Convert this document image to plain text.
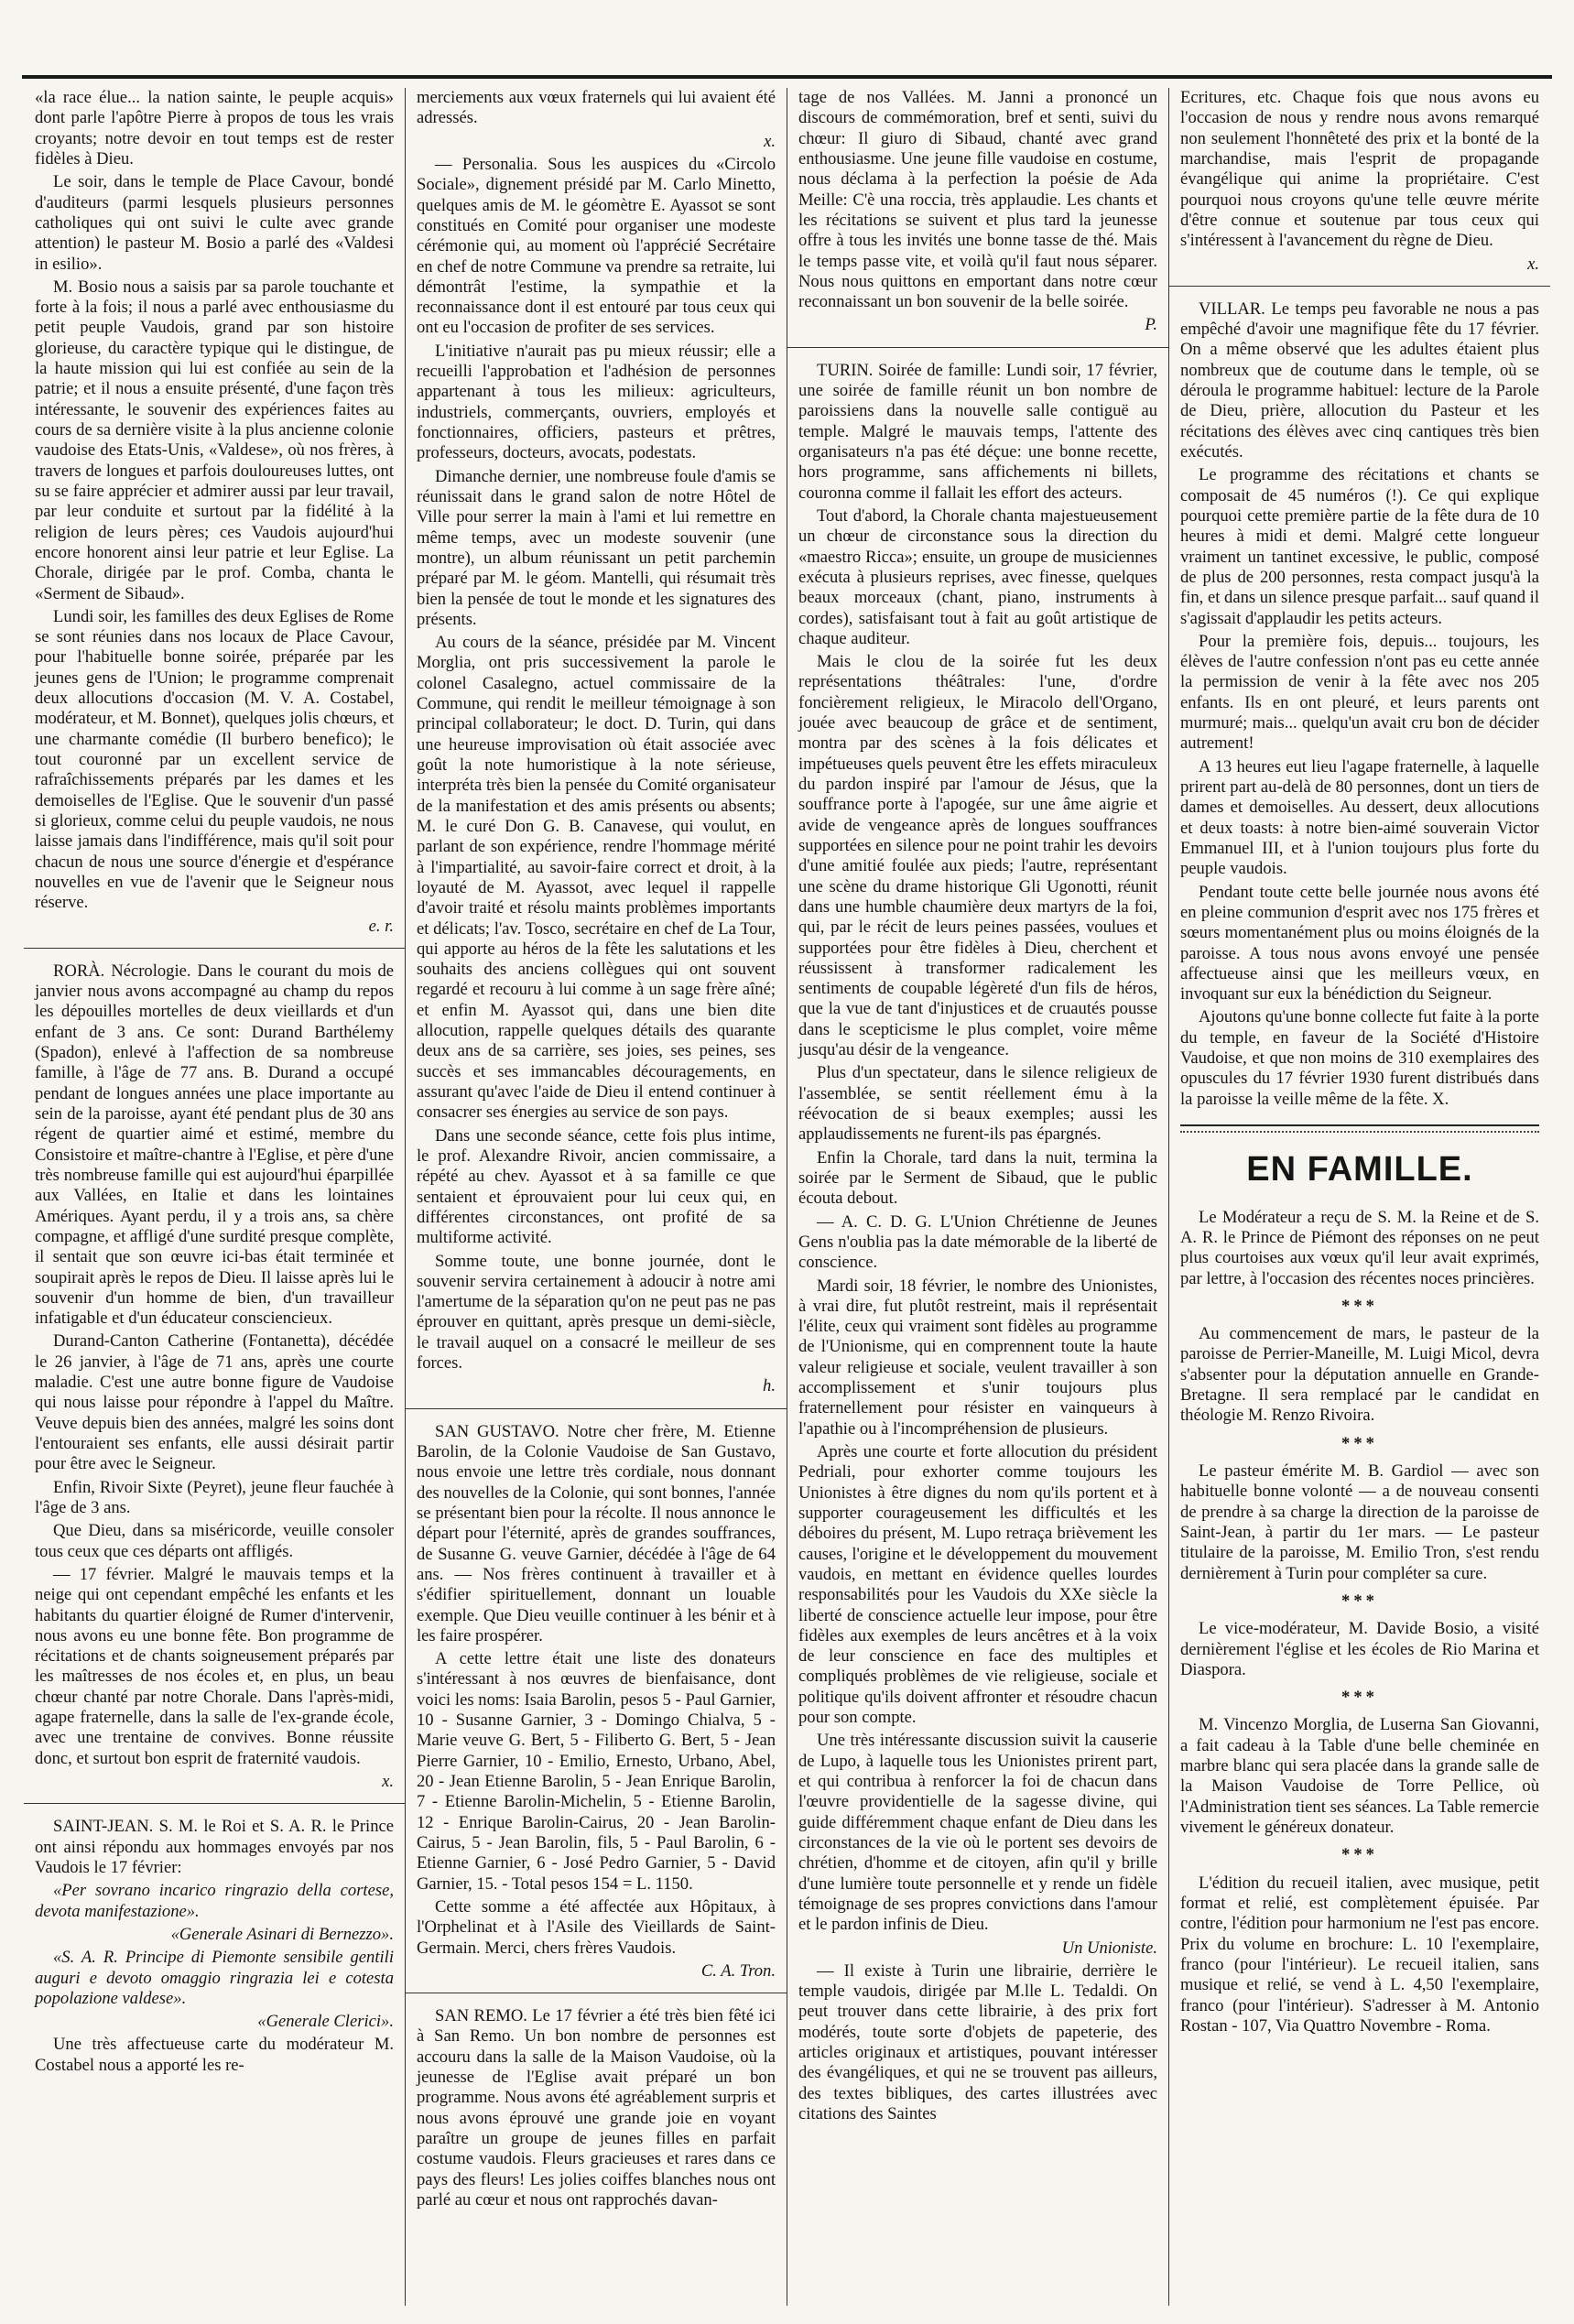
«la race élue... la nation sainte, le peuple acquis» dont parle l'apôtre Pierre à propos de tous les vrais croyants; notre devoir en tout temps est de rester fidèles à Dieu.

Le soir, dans le temple de Place Cavour, bondé d'auditeurs (parmi lesquels plusieurs personnes catholiques qui ont suivi le culte avec grande attention) le pasteur M. Bosio a parlé des «Valdesi in esilio».

M. Bosio nous a saisis par sa parole touchante et forte à la fois; il nous a parlé avec enthousiasme du petit peuple Vaudois, grand par son histoire glorieuse, du caractère typique qui le distingue, de la haute mission qui lui est confiée au sein de la patrie; et il nous a ensuite présenté, d'une façon très intéressante, le souvenir des expériences faites au cours de sa dernière visite à la plus ancienne colonie vaudoise des Etats-Unis, «Valdese», où nos frères, à travers de longues et parfois douloureuses luttes, ont su se faire apprécier et admirer aussi par leur travail, par leur conduite et surtout par la fidélité à la religion de leurs pères; ces Vaudois aujourd'hui encore honorent ainsi leur patrie et leur Eglise. La Chorale, dirigée par le prof. Comba, chanta le «Serment de Sibaud».

Lundi soir, les familles des deux Eglises de Rome se sont réunies dans nos locaux de Place Cavour, pour l'habituelle bonne soirée, préparée par les jeunes gens de l'Union; le programme comprenait deux allocutions d'occasion (M. V. A. Costabel, modérateur, et M. Bonnet), quelques jolis chœurs, et une charmante comédie (Il burbero benefico); le tout couronné par un excellent service de rafraîchissements préparés par les dames et les demoiselles de l'Eglise. Que le souvenir d'un passé si glorieux, comme celui du peuple vaudois, ne nous laisse jamais dans l'indifférence, mais qu'il soit pour chacun de nous une source d'énergie et d'espérance nouvelles en vue de l'avenir que le Seigneur nous réserve.

e. r.

RORÀ. Nécrologie. Dans le courant du mois de janvier nous avons accompagné au champ du repos les dépouilles mortelles de deux vieillards et d'un enfant de 3 ans. Ce sont: Durand Barthélemy (Spadon), enlevé à l'affection de sa nombreuse famille, à l'âge de 77 ans. B. Durand a occupé pendant de longues années une place importante au sein de la paroisse, ayant été pendant plus de 30 ans régent de quartier aimé et estimé, membre du Consistoire et maître-chantre à l'Eglise, et père d'une très nombreuse famille qui est aujourd'hui éparpillée aux Vallées, en Italie et dans les lointaines Amériques. Ayant perdu, il y a trois ans, sa chère compagne, et affligé d'une surdité presque complète, il sentait que son œuvre ici-bas était terminée et soupirait après le repos de Dieu. Il laisse après lui le souvenir d'un homme de bien, d'un travailleur infatigable et d'un éducateur consciencieux.

Durand-Canton Catherine (Fontanetta), décédée le 26 janvier, à l'âge de 71 ans, après une courte maladie. C'est une autre bonne figure de Vaudoise qui nous laisse pour répondre à l'appel du Maître. Veuve depuis bien des années, malgré les soins dont l'entouraient ses enfants, elle aussi désirait partir pour être avec le Seigneur.

Enfin, Rivoir Sixte (Peyret), jeune fleur fauchée à l'âge de 3 ans.

Que Dieu, dans sa miséricorde, veuille consoler tous ceux que ces départs ont affligés.

— 17 février. Malgré le mauvais temps et la neige qui ont cependant empêché les enfants et les habitants du quartier éloigné de Rumer d'intervenir, nous avons eu une bonne fête. Bon programme de récitations et de chants soigneusement préparés par les maîtresses de nos écoles et, en plus, un beau chœur chanté par notre Chorale. Dans l'après-midi, agape fraternelle, dans la salle de l'ex-grande école, avec une trentaine de convives. Bonne réussite donc, et surtout bon esprit de fraternité vaudois.

x.

SAINT-JEAN. S. M. le Roi et S. A. R. le Prince ont ainsi répondu aux hommages envoyés par nos Vaudois le 17 février:

«Per sovrano incarico ringrazio della cortese, devota manifestazione».

«Generale Asinari di Bernezzo».

«S. A. R. Principe di Piemonte sensibile gentili auguri e devoto omaggio ringrazia lei e cotesta popolazione valdese».

«Generale Clerici».

Une très affectueuse carte du modérateur M. Costabel nous a apporté les re-

merciements aux vœux fraternels qui lui avaient été adressés.

x.

— Personalia. Sous les auspices du «Circolo Sociale», dignement présidé par M. Carlo Minetto, quelques amis de M. le géomètre E. Ayassot se sont constitués en Comité pour organiser une modeste cérémonie qui, au moment où l'apprécié Secrétaire en chef de notre Commune va prendre sa retraite, lui démontrât l'estime, la sympathie et la reconnaissance dont il est entouré par tous ceux qui ont eu l'occasion de profiter de ses services.

L'initiative n'aurait pas pu mieux réussir; elle a recueilli l'approbation et l'adhésion de personnes appartenant à tous les milieux: agriculteurs, industriels, commerçants, ouvriers, employés et fonctionnaires, officiers, pasteurs et prêtres, professeurs, docteurs, avocats, podestats.

Dimanche dernier, une nombreuse foule d'amis se réunissait dans le grand salon de notre Hôtel de Ville pour serrer la main à l'ami et lui remettre en même temps, avec un modeste souvenir (une montre), un album réunissant un petit parchemin préparé par M. le géom. Mantelli, qui résumait très bien la pensée de tout le monde et les signatures des présents.

Au cours de la séance, présidée par M. Vincent Morglia, ont pris successivement la parole le colonel Casalegno, actuel commissaire de la Commune, qui rendit le meilleur témoignage à son principal collaborateur; le doct. D. Turin, qui dans une heureuse improvisation où était associée avec goût la note humoristique à la note sérieuse, interpréta très bien la pensée du Comité organisateur de la manifestation et des amis présents ou absents; M. le curé Don G. B. Canavese, qui voulut, en parlant de son expérience, rendre l'hommage mérité à l'impartialité, au savoir-faire correct et droit, à la loyauté de M. Ayassot, avec lequel il rappelle d'avoir traité et résolu maints problèmes importants et délicats; l'av. Tosco, secrétaire en chef de La Tour, qui apporte au héros de la fête les salutations et les souhaits des anciens collègues qui ont souvent regardé et recouru à lui comme à un sage frère aîné; et enfin M. Ayassot qui, dans une bien dite allocution, rappelle quelques détails des quarante deux ans de sa carrière, ses joies, ses peines, ses succès et ses immancables découragements, en assurant qu'avec l'aide de Dieu il entend continuer à consacrer ses énergies au service de son pays.

Dans une seconde séance, cette fois plus intime, le prof. Alexandre Rivoir, ancien commissaire, a répété au chev. Ayassot et à sa famille ce que sentaient et éprouvaient pour lui ceux qui, en différentes circonstances, ont profité de sa multiforme activité.

Somme toute, une bonne journée, dont le souvenir servira certainement à adoucir à notre ami l'amertume de la séparation qu'on ne peut pas ne pas éprouver en quittant, après presque un demi-siècle, le travail auquel on a consacré le meilleur de ses forces.

h.

SAN GUSTAVO. Notre cher frère, M. Etienne Barolin, de la Colonie Vaudoise de San Gustavo, nous envoie une lettre très cordiale, nous donnant des nouvelles de la Colonie, qui sont bonnes, l'année se présentant bien pour la récolte. Il nous annonce le départ pour l'éternité, après de grandes souffrances, de Susanne G. veuve Garnier, décédée à l'âge de 64 ans. — Nos frères continuent à travailler et à s'édifier spirituellement, donnant un louable exemple. Que Dieu veuille continuer à les bénir et à les faire prospérer.

A cette lettre était une liste des donateurs s'intéressant à nos œuvres de bienfaisance, dont voici les noms: Isaia Barolin, pesos 5 - Paul Garnier, 10 - Susanne Garnier, 3 - Domingo Chialva, 5 - Marie veuve G. Bert, 5 - Filiberto G. Bert, 5 - Jean Pierre Garnier, 10 - Emilio, Ernesto, Urbano, Abel, 20 - Jean Etienne Barolin, 5 - Jean Enrique Barolin, 7 - Etienne Barolin-Michelin, 5 - Etienne Barolin, 12 - Enrique Barolin-Cairus, 20 - Jean Barolin-Cairus, 5 - Jean Barolin, fils, 5 - Paul Barolin, 6 - Etienne Garnier, 6 - José Pedro Garnier, 5 - David Garnier, 15. - Total pesos 154 = L. 1150.

Cette somme a été affectée aux Hôpitaux, à l'Orphelinat et à l'Asile des Vieillards de Saint-Germain. Merci, chers frères Vaudois.

C. A. Tron.

SAN REMO. Le 17 février a été très bien fêté ici à San Remo. Un bon nombre de personnes est accouru dans la salle de la Maison Vaudoise, où la jeunesse de l'Eglise avait préparé un bon programme. Nous avons été agréablement surpris et nous avons éprouvé une grande joie en voyant paraître un groupe de jeunes filles en parfait costume vaudois. Fleurs gracieuses et rares dans ce pays des fleurs! Les jolies coiffes blanches nous ont parlé au cœur et nous ont rapprochés davan-

tage de nos Vallées. M. Janni a prononcé un discours de commémoration, bref et senti, suivi du chœur: Il giuro di Sibaud, chanté avec grand enthousiasme. Une jeune fille vaudoise en costume, nous déclama à la perfection la poésie de Ada Meille: C'è una roccia, très applaudie. Les chants et les récitations se suivent et plus tard la jeunesse offre à tous les invités une bonne tasse de thé. Mais le temps passe vite, et voilà qu'il faut nous séparer. Nous nous quittons en emportant dans notre cœur reconnaissant un bon souvenir de la belle soirée.

P.

TURIN. Soirée de famille: Lundi soir, 17 février, une soirée de famille réunit un bon nombre de paroissiens dans la nouvelle salle contiguë au temple. Malgré le mauvais temps, l'attente des organisateurs n'a pas été déçue: une bonne recette, hors programme, sans affichements ni billets, couronna comme il fallait les effort des acteurs.

Tout d'abord, la Chorale chanta majestueusement un chœur de circonstance sous la direction du «maestro Ricca»; ensuite, un groupe de musiciennes exécuta à plusieurs reprises, avec finesse, quelques beaux morceaux (chant, piano, instruments à cordes), satisfaisant tout à fait au goût artistique de chaque auditeur.

Mais le clou de la soirée fut les deux représentations théâtrales: l'une, d'ordre foncièrement religieux, le Miracolo dell'Organo, jouée avec beaucoup de grâce et de sentiment, montra par des scènes à la fois délicates et impétueuses quels peuvent être les effets miraculeux du pardon inspiré par l'amour de Jésus, que la souffrance porte à l'apogée, sur une âme aigrie et avide de vengeance après de longues souffrances supportées en silence pour ne point trahir les devoirs d'une amitié foulée aux pieds; l'autre, représentant une scène du drame historique Gli Ugonotti, réunit dans une humble chaumière deux martyrs de la foi, qui, par le récit de leurs peines passées, voulues et supportées pour être fidèles à Dieu, cherchent et réussissent à transformer radicalement les sentiments de coupable légèreté d'un fils de héros, que la vue de tant d'injustices et de cruautés pousse dans le scepticisme le plus complet, voire même jusqu'au désir de la vengeance.

Plus d'un spectateur, dans le silence religieux de l'assemblée, se sentit réellement ému à la réévocation de si beaux exemples; aussi les applaudissements ne furent-ils pas épargnés.

Enfin la Chorale, tard dans la nuit, termina la soirée par le Serment de Sibaud, que le public écouta debout.

— A. C. D. G. L'Union Chrétienne de Jeunes Gens n'oublia pas la date mémorable de la liberté de conscience.

Mardi soir, 18 février, le nombre des Unionistes, à vrai dire, fut plutôt restreint, mais il représentait l'élite, ceux qui vraiment sont fidèles au programme de l'Unionisme, qui en comprennent toute la haute valeur religieuse et sociale, veulent travailler à son accomplissement et s'unir toujours plus fraternellement pour résister en vainqueurs à l'apathie ou à l'incompréhension de plusieurs.

Après une courte et forte allocution du président Pedriali, pour exhorter comme toujours les Unionistes à être dignes du nom qu'ils portent et à supporter courageusement les difficultés et les déboires du présent, M. Lupo retraça brièvement les causes, l'origine et le développement du mouvement vaudois, en mettant en évidence quelles lourdes responsabilités pour les Vaudois du XXe siècle la liberté de conscience actuelle leur impose, pour être fidèles aux exemples de leurs ancêtres et à la voix de leur conscience en face des multiples et compliqués problèmes de vie religieuse, sociale et politique qu'ils doivent affronter et résoudre chacun pour son compte.

Une très intéressante discussion suivit la causerie de Lupo, à laquelle tous les Unionistes prirent part, et qui contribua à renforcer la foi de chacun dans l'œuvre providentielle de la sagesse divine, qui guide différemment chaque enfant de Dieu dans les circonstances de la vie où le portent ses devoirs de chrétien, d'homme et de citoyen, afin qu'il y brille d'une lumière toute personnelle et y rende un fidèle témoignage de ses propres convictions dans l'amour et le pardon infinis de Dieu.

Un Unioniste.

— Il existe à Turin une librairie, derrière le temple vaudois, dirigée par M.lle L. Tedaldi. On peut trouver dans cette librairie, à des prix fort modérés, toute sorte d'objets de papeterie, des articles originaux et artistiques, pouvant intéresser des évangéliques, et qui ne se trouvent pas ailleurs, des textes bibliques, des cartes illustrées avec citations des Saintes

Ecritures, etc. Chaque fois que nous avons eu l'occasion de nous y rendre nous avons remarqué non seulement l'honnêteté des prix et la bonté de la marchandise, mais l'esprit de propagande évangélique qui anime la propriétaire. C'est pourquoi nous croyons qu'une telle œuvre mérite d'être connue et soutenue par tous ceux qui s'intéressent à l'avancement du règne de Dieu.

x.

VILLAR. Le temps peu favorable ne nous a pas empêché d'avoir une magnifique fête du 17 février. On a même observé que les adultes étaient plus nombreux que de coutume dans le temple, où se déroula le programme habituel: lecture de la Parole de Dieu, prière, allocution du Pasteur et les récitations des élèves avec cinq cantiques très bien exécutés.

Le programme des récitations et chants se composait de 45 numéros (!). Ce qui explique pourquoi cette première partie de la fête dura de 10 heures à midi et demi. Malgré cette longueur vraiment un tantinet excessive, le public, composé de plus de 200 personnes, resta compact jusqu'à la fin, et dans un silence presque parfait... sauf quand il s'agissait d'applaudir les petits acteurs.

Pour la première fois, depuis... toujours, les élèves de l'autre confession n'ont pas eu cette année la permission de venir à la fête avec nos 205 enfants. Ils en ont pleuré, et leurs parents ont murmuré; mais... quelqu'un avait cru bon de décider autrement!

A 13 heures eut lieu l'agape fraternelle, à laquelle prirent part au-delà de 80 personnes, dont un tiers de dames et demoiselles. Au dessert, deux allocutions et deux toasts: à notre bien-aimé souverain Victor Emmanuel III, et à l'union toujours plus forte du peuple vaudois.

Pendant toute cette belle journée nous avons été en pleine communion d'esprit avec nos 175 frères et sœurs momentanément plus ou moins éloignés de la paroisse. A tous nous avons envoyé une pensée affectueuse ainsi que les meilleurs vœux, en invoquant sur eux la bénédiction du Seigneur.

Ajoutons qu'une bonne collecte fut faite à la porte du temple, en faveur de la Société d'Histoire Vaudoise, et que non moins de 310 exemplaires des opuscules du 17 février 1930 furent distribués dans la paroisse la veille même de la fête. X.

EN FAMILLE.

Le Modérateur a reçu de S. M. la Reine et de S. A. R. le Prince de Piémont des réponses on ne peut plus courtoises aux vœux qu'il leur avait exprimés, par lettre, à l'occasion des récentes noces princières.

***

Au commencement de mars, le pasteur de la paroisse de Perrier-Maneille, M. Luigi Micol, devra s'absenter pour la députation annuelle en Grande-Bretagne. Il sera remplacé par le candidat en théologie M. Renzo Rivoira.

***

Le pasteur émérite M. B. Gardiol — avec son habituelle bonne volonté — a de nouveau consenti de prendre à sa charge la direction de la paroisse de Saint-Jean, à partir du 1er mars. — Le pasteur titulaire de la paroisse, M. Emilio Tron, s'est rendu dernièrement à Turin pour compléter sa cure.

***

Le vice-modérateur, M. Davide Bosio, a visité dernièrement l'église et les écoles de Rio Marina et Diaspora.

***

M. Vincenzo Morglia, de Luserna San Giovanni, a fait cadeau à la Table d'une belle cheminée en marbre blanc qui sera placée dans la grande salle de la Maison Vaudoise de Torre Pellice, où l'Administration tient ses séances. La Table remercie vivement le généreux donateur.

***

L'édition du recueil italien, avec musique, petit format et relié, est complètement épuisée. Par contre, l'édition pour harmonium ne l'est pas encore. Prix du volume en brochure: L. 10 l'exemplaire, franco (pour l'intérieur). Le recueil italien, sans musique et relié, se vend à L. 4,50 l'exemplaire, franco (pour l'intérieur). S'adresser à M. Antonio Rostan - 107, Via Quattro Novembre - Roma.
